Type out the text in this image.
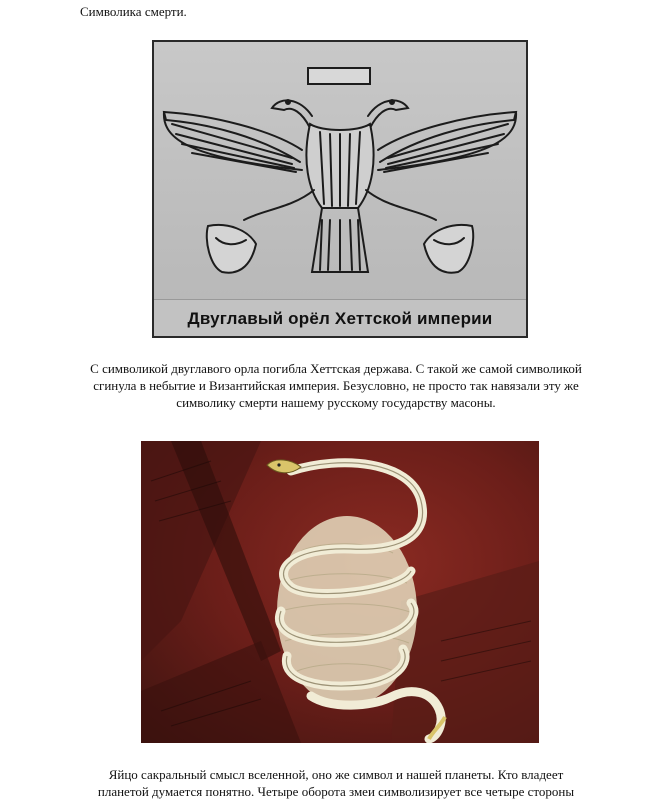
Символика смерти.
Двуглавый орёл Хеттской империи
С символикой двуглавого орла погибла Хеттская держава. С такой же самой символикой
сгинула в небытие и Византийская империя. Безусловно, не просто так навязали эту же
символику смерти нашему русскому государству масоны.
Яйцо сакральный смысл вселенной, оно же символ и нашей планеты. Кто владеет
планетой думается понятно. Четыре оборота змеи символизирует все четыре стороны
